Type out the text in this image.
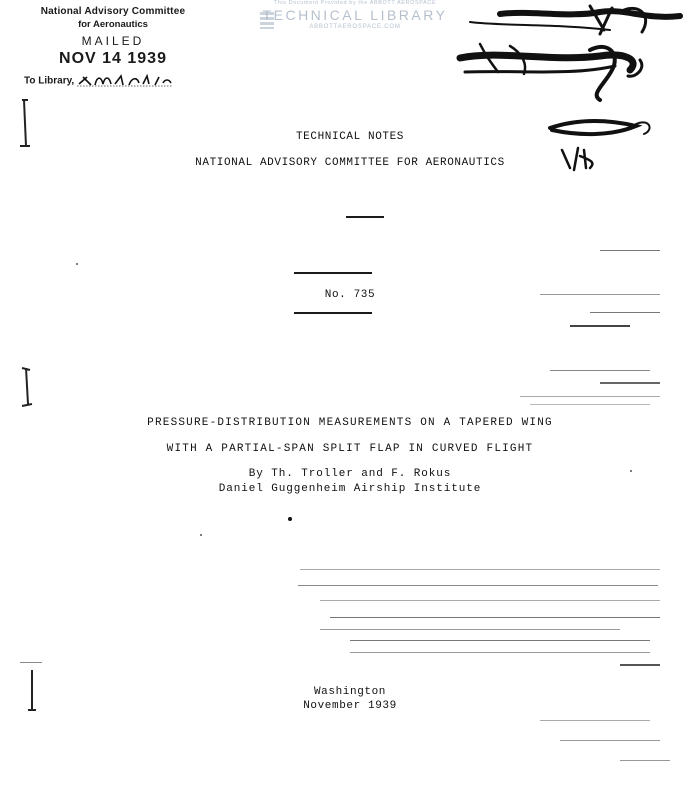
National Advisory Committee
for Aeronautics
MAILED
NOV 14 1939
To Library,
This Document Provided by the ABBOTT AEROSPACE
TECHNICAL LIBRARY
ABBOTTAEROSPACE.COM
TECHNICAL NOTES
NATIONAL ADVISORY COMMITTEE FOR AERONAUTICS
No. 735
PRESSURE-DISTRIBUTION MEASUREMENTS ON A TAPERED WING
WITH A PARTIAL-SPAN SPLIT FLAP IN CURVED FLIGHT
By Th. Troller and F. Rokus
Daniel Guggenheim Airship Institute
Washington
November 1939
